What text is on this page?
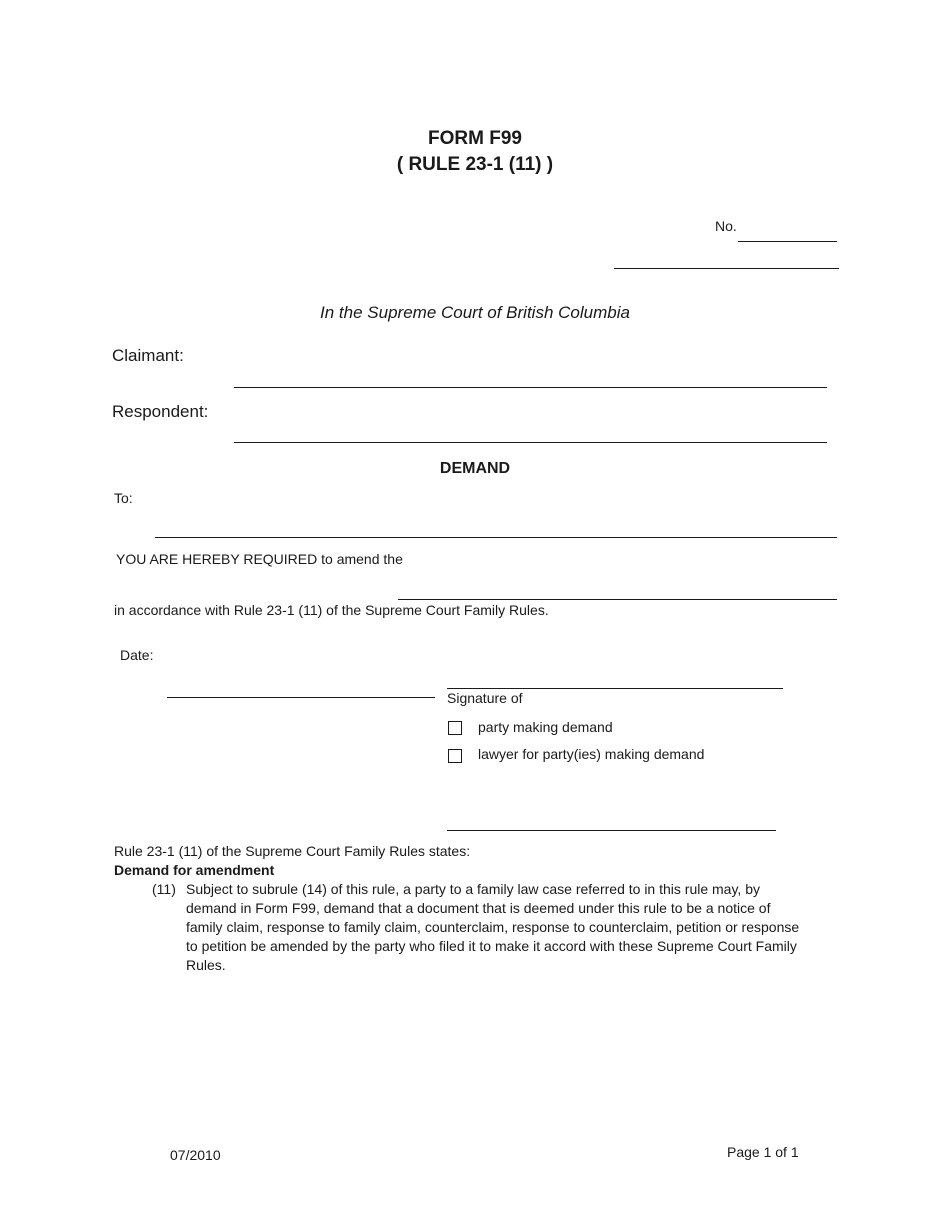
FORM F99
( RULE 23-1 (11) )
No.
In the Supreme Court of British Columbia
Claimant:
Respondent:
DEMAND
To:
YOU ARE HEREBY REQUIRED to amend the
in accordance with Rule 23-1 (11) of the Supreme Court Family Rules.
Date:
Signature of
party making demand
lawyer for party(ies) making demand
Rule 23-1 (11) of the Supreme Court Family Rules states:
Demand for amendment
(11) Subject to subrule (14) of this rule, a party to a family law case referred to in this rule may, by
demand in Form F99, demand that a document that is deemed under this rule to be a notice of
family claim, response to family claim, counterclaim, response to counterclaim, petition or response
to petition be amended by the party who filed it to make it accord with these Supreme Court Family
Rules.
07/2010	Page 1 of 1
